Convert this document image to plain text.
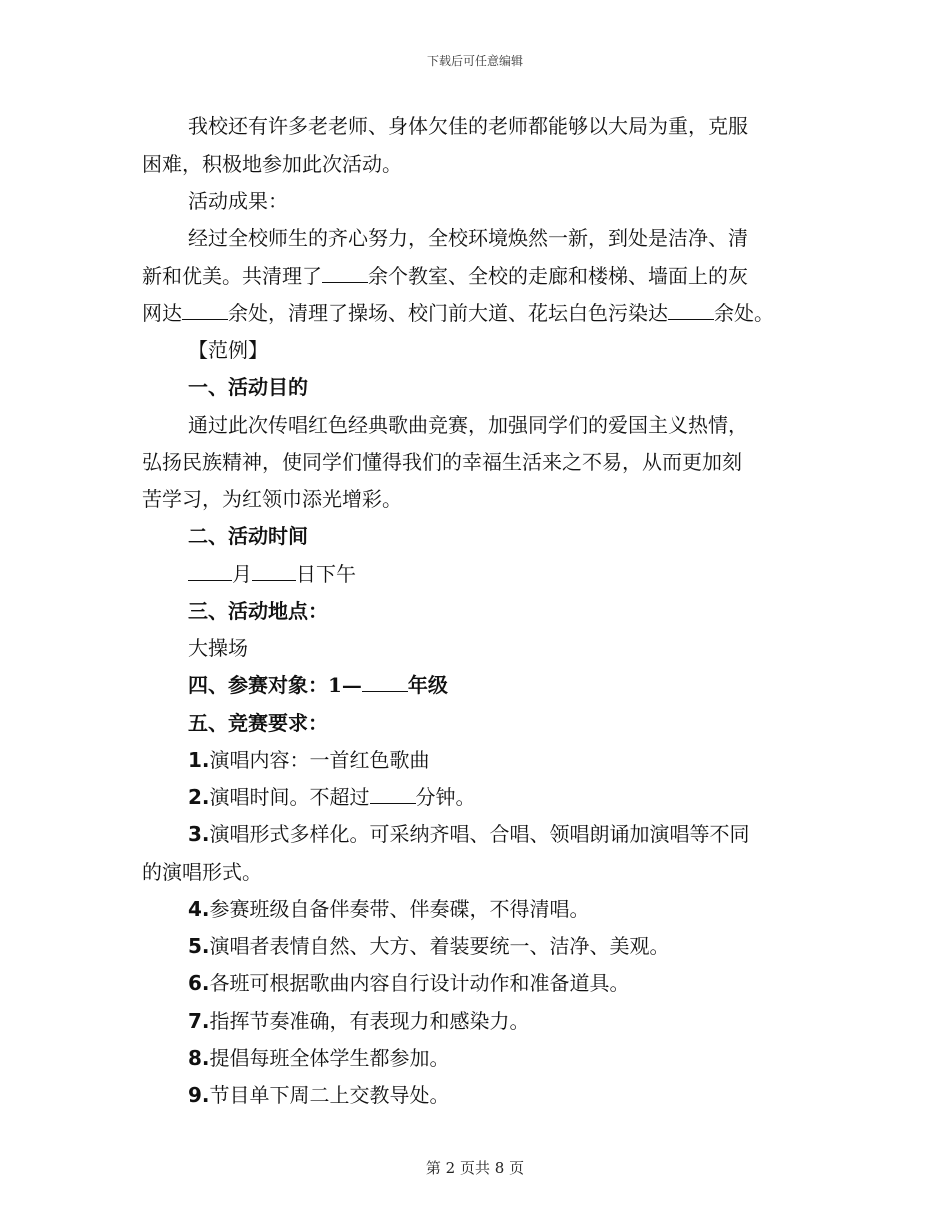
下载后可任意编辑
我校还有许多老老师、身体欠佳的老师都能够以大局为重，克服
困难，积极地参加此次活动。
活动成果：
经过全校师生的齐心努力，全校环境焕然一新，到处是洁净、清
新和优美。共清理了 余个教室、全校的走廊和楼梯、墙面上的灰
网达 余处，清理了操场、校门前大道、花坛白色污染达 余处。
【范例】
一、活动目的
通过此次传唱红色经典歌曲竞赛，加强同学们的爱国主义热情，
弘扬民族精神，使同学们懂得我们的幸福生活来之不易，从而更加刻
苦学习，为红领巾添光增彩。
二、活动时间
月 日下午
三、活动地点：
大操场
四、参赛对象：1— 年级
五、竞赛要求：
1.演唱内容：一首红色歌曲
2.演唱时间。不超过 分钟。
3.演唱形式多样化。可采纳齐唱、合唱、领唱朗诵加演唱等不同
的演唱形式。
4.参赛班级自备伴奏带、伴奏碟，不得清唱。
5.演唱者表情自然、大方、着装要统一、洁净、美观。
6.各班可根据歌曲内容自行设计动作和准备道具。
7.指挥节奏准确，有表现力和感染力。
8.提倡每班全体学生都参加。
9.节目单下周二上交教导处。
第 2 页共 8 页
